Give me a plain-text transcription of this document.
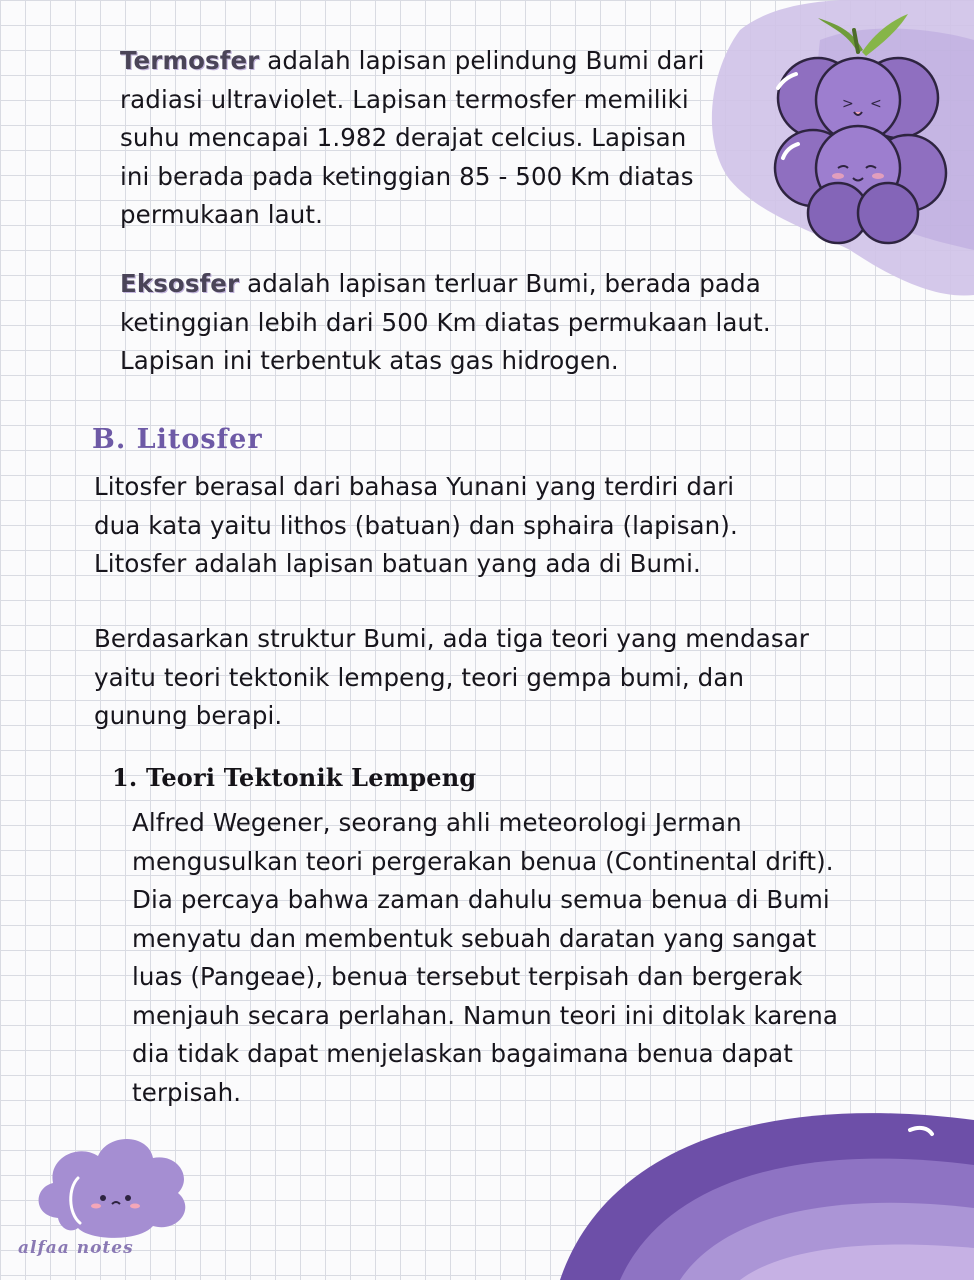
> <
alfaa notes

Termosfer adalah lapisan pelindung Bumi dari
radiasi ultraviolet. Lapisan termosfer memiliki
suhu mencapai 1.982 derajat celcius. Lapisan
ini berada pada ketinggian 85 - 500 Km diatas
permukaan laut.

Eksosfer adalah lapisan terluar Bumi, berada pada
ketinggian lebih dari 500 Km diatas permukaan laut.
Lapisan ini terbentuk atas gas hidrogen.

B. Litosfer

Litosfer berasal dari bahasa Yunani yang terdiri dari
dua kata yaitu lithos (batuan) dan sphaira (lapisan).
Litosfer adalah lapisan batuan yang ada di Bumi.

Berdasarkan struktur Bumi, ada tiga teori yang mendasar
yaitu teori tektonik lempeng, teori gempa bumi, dan
gunung berapi.

1. Teori Tektonik Lempeng

Alfred Wegener, seorang ahli meteorologi Jerman
mengusulkan teori pergerakan benua (Continental drift).
Dia percaya bahwa zaman dahulu semua benua di Bumi
menyatu dan membentuk sebuah daratan yang sangat
luas (Pangeae), benua tersebut terpisah dan bergerak
menjauh secara perlahan. Namun teori ini ditolak karena
dia tidak dapat menjelaskan bagaimana benua dapat
terpisah.
